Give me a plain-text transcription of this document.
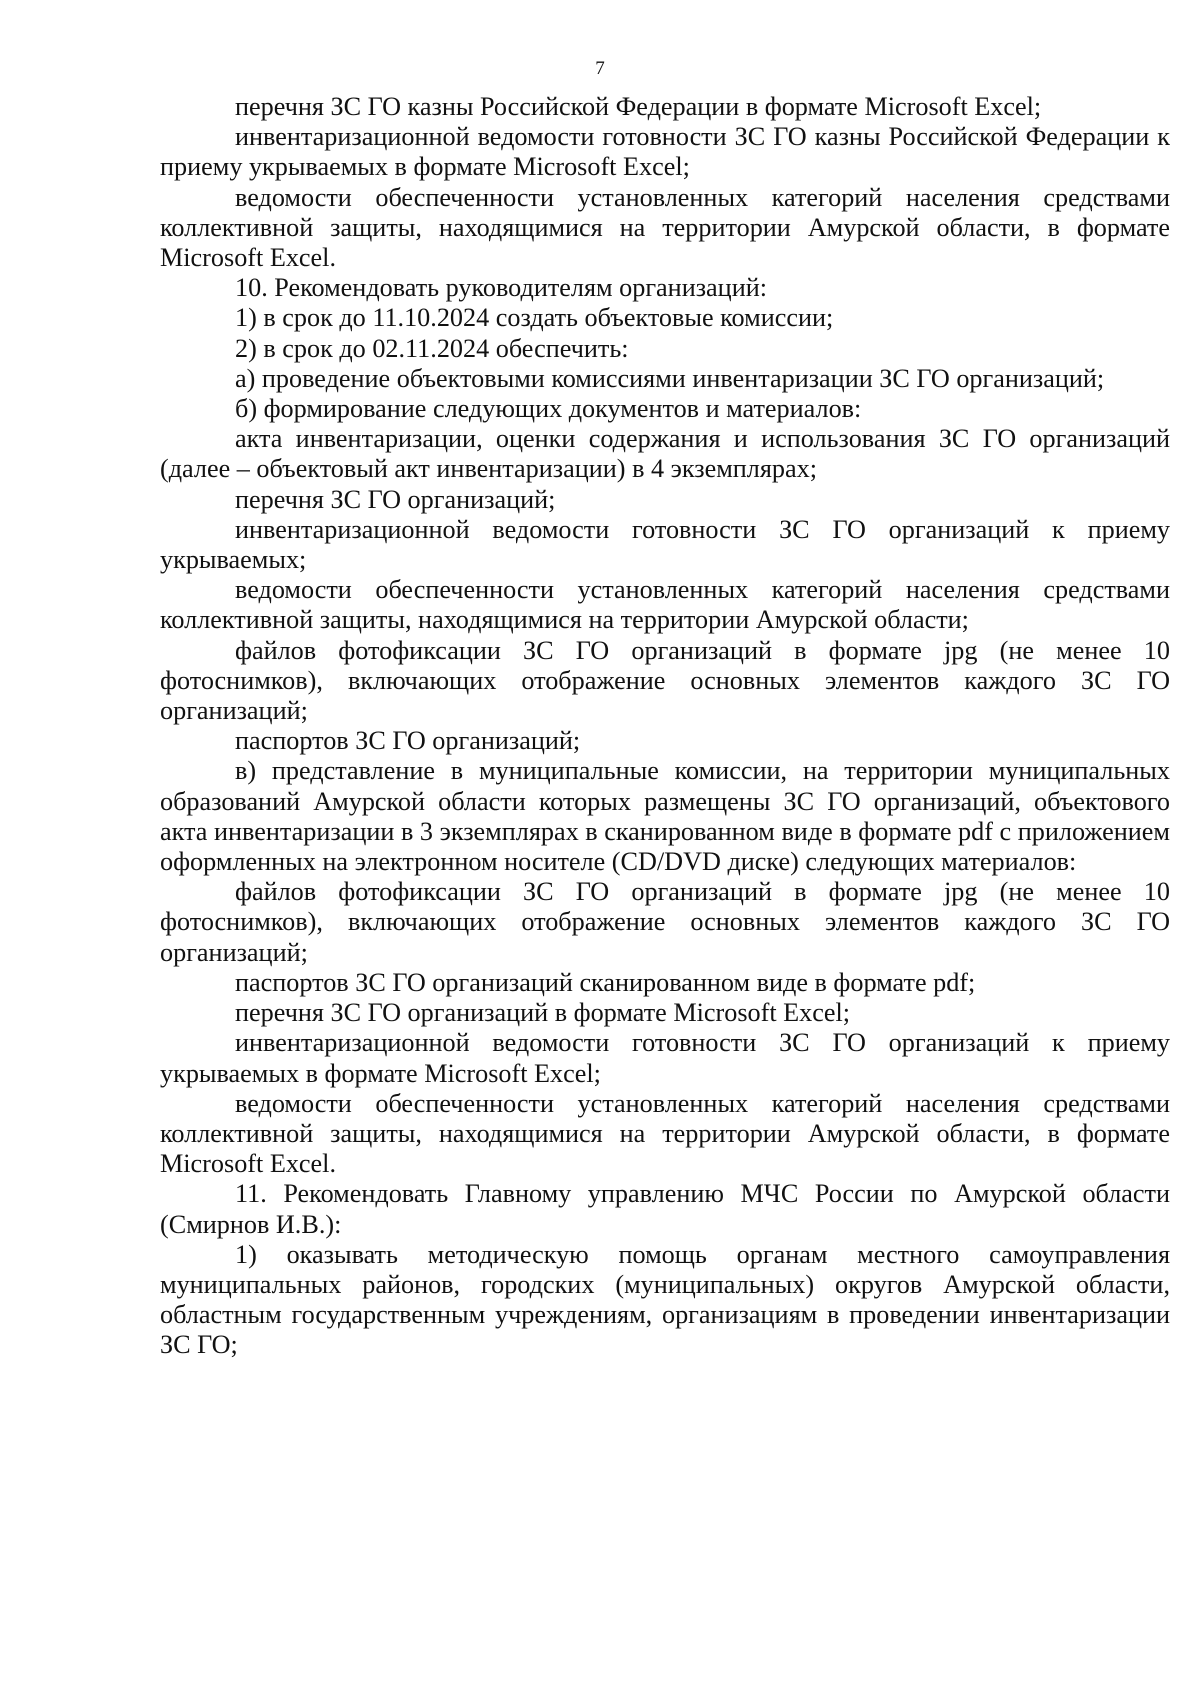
7

перечня ЗС ГО казны Российской Федерации в формате Microsoft Excel;

инвентаризационной ведомости готовности ЗС ГО казны Российской Федерации к приему укрываемых в формате Microsoft Excel;

ведомости обеспеченности установленных категорий населения средствами коллективной защиты, находящимися на территории Амурской области, в формате Microsoft Excel.

10. Рекомендовать руководителям организаций:

1) в срок до 11.10.2024 создать объектовые комиссии;

2) в срок до 02.11.2024 обеспечить:

а) проведение объектовыми комиссиями инвентаризации ЗС ГО организаций;

б) формирование следующих документов и материалов:

акта инвентаризации, оценки содержания и использования ЗС ГО организаций (далее – объектовый акт инвентаризации) в 4 экземплярах;

перечня ЗС ГО организаций;

инвентаризационной ведомости готовности ЗС ГО организаций к приему укрываемых;

ведомости обеспеченности установленных категорий населения средствами коллективной защиты, находящимися на территории Амурской области;

файлов фотофиксации ЗС ГО организаций в формате jpg (не менее 10 фотоснимков), включающих отображение основных элементов каждого ЗС ГО организаций;

паспортов ЗС ГО организаций;

в) представление в муниципальные комиссии, на территории муниципальных образований Амурской области которых размещены ЗС ГО организаций, объектового акта инвентаризации в 3 экземплярах в сканированном виде в формате pdf с приложением оформленных на электронном носителе (CD/DVD диске) следующих материалов:

файлов фотофиксации ЗС ГО организаций в формате jpg (не менее 10 фотоснимков), включающих отображение основных элементов каждого ЗС ГО организаций;

паспортов ЗС ГО организаций сканированном виде в формате pdf;

перечня ЗС ГО организаций в формате Microsoft Excel;

инвентаризационной ведомости готовности ЗС ГО организаций к приему укрываемых в формате Microsoft Excel;

ведомости обеспеченности установленных категорий населения средствами коллективной защиты, находящимися на территории Амурской области, в формате Microsoft Excel.

11. Рекомендовать Главному управлению МЧС России по Амурской области (Смирнов И.В.):

1) оказывать методическую помощь органам местного самоуправления муниципальных районов, городских (муниципальных) округов Амурской области, областным государственным учреждениям, организациям в проведении инвентаризации ЗС ГО;
